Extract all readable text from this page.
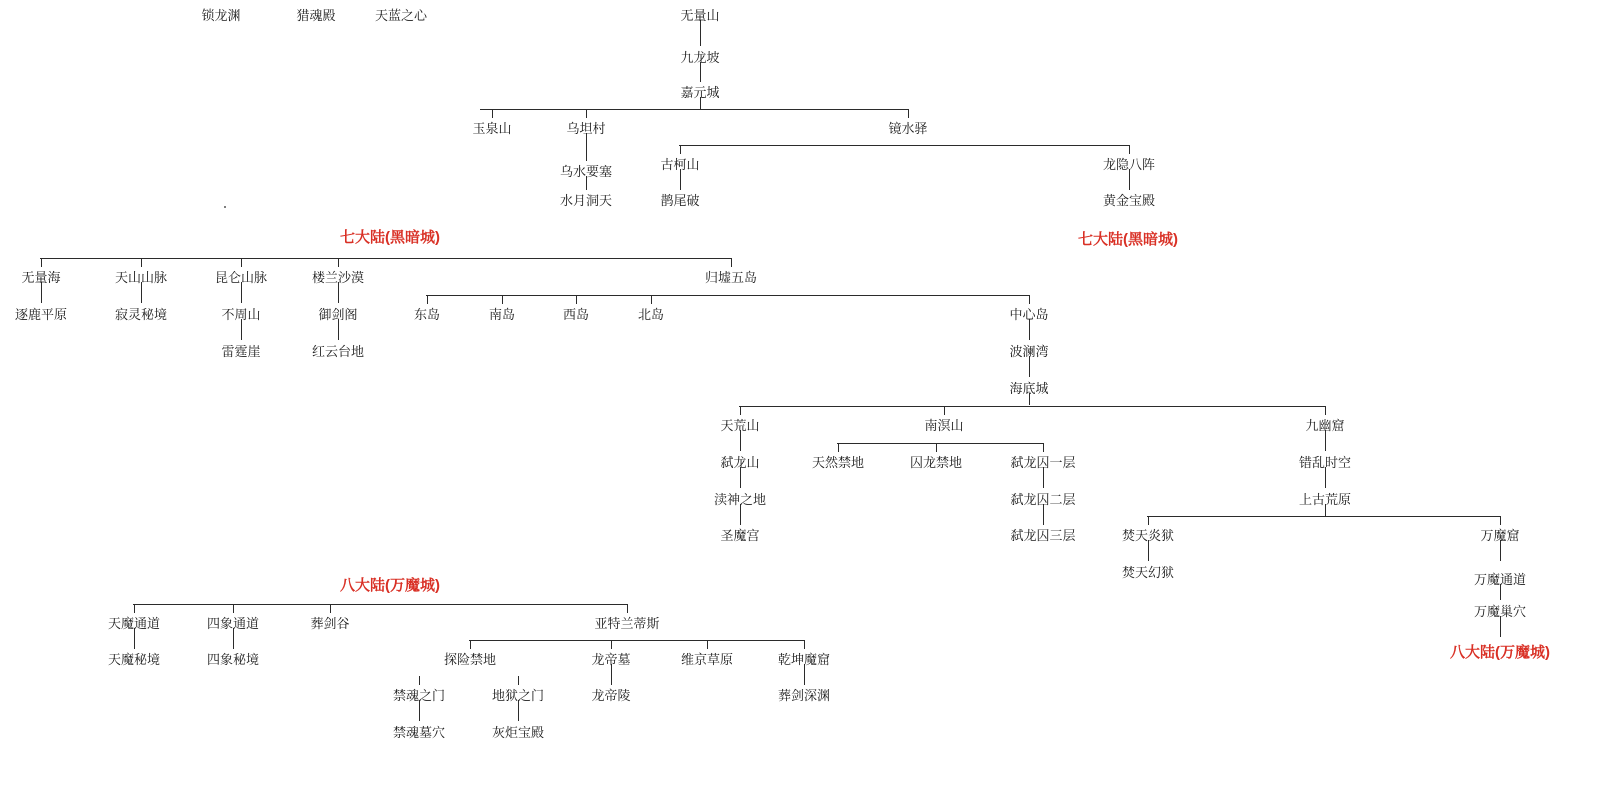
锁龙渊	猎魂殿	天蓝之心	无量山
九龙坡
嘉元城
玉泉山	乌坦村	镜水驿
乌水要塞	古柯山	龙隐八阵
水月洞天	鹊尾破	黄金宝殿
七大陆(黑暗城)	七大陆(黑暗城)
无量海	天山山脉	昆仑山脉	楼兰沙漠	归墟五岛
逐鹿平原	寂灵秘境	不周山	御剑阁	东岛	南岛	西岛	北岛	中心岛
雷霆崖	红云台地	波澜湾
海底城
天荒山	南溟山	九幽窟
弑龙山	天然禁地	囚龙禁地	弑龙囚一层	错乱时空
渎神之地	弑龙囚二层	上古荒原
圣魔宫	弑龙囚三层	焚天炎狱	万魔窟
焚天幻狱
八大陆(万魔城)	万魔通道
万魔巢穴
天魔通道	四象通道	葬剑谷	亚特兰蒂斯
天魔秘境	四象秘境	探险禁地	龙帝墓	维京草原	乾坤魔窟	八大陆(万魔城)
禁魂之门	地狱之门	龙帝陵	葬剑深渊
禁魂墓穴	灰炬宝殿
